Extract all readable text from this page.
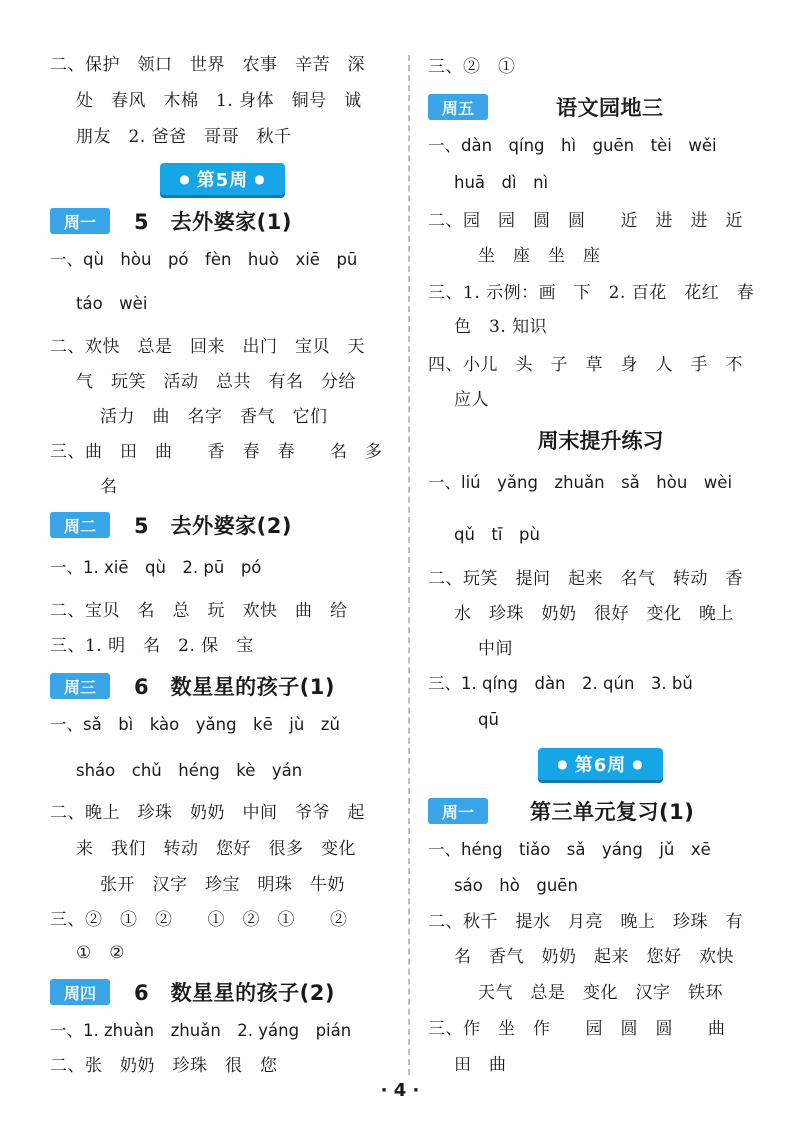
二、保护　领口　世界　农事　辛苦　深
处　春风　木棉　1. 身体　铜号　诚
朋友　2. 爸爸　哥哥　秋千
● 第5周 ●
周一	5　去外婆家(1)
一、qù　hòu　pó　fèn　huò　xiē　pū
táo　wèi
二、欢快　总是　回来　出门　宝贝　天
气　玩笑　活动　总共　有名　分给
活力　曲　名字　香气　它们
三、曲　田　曲　　香　春　春　　名　多
名
周二	5　去外婆家(2)
一、1. xiē　qù　2. pū　pó
二、宝贝　名　总　玩　欢快　曲　给
三、1. 明　名　2. 保　宝
周三	6　数星星的孩子(1)
一、sǎ　bì　kào　yǎng　kē　jù　zǔ
sháo　chǔ　héng　kè　yán
二、晚上　珍珠　奶奶　中间　爷爷　起
来　我们　转动　您好　很多　变化
张开　汉字　珍宝　明珠　牛奶
三、②　①　②　　①　②　①　　②
①　②
周四	6　数星星的孩子(2)
一、1. zhuàn　zhuǎn　2. yáng　pián
二、张　奶奶　珍珠　很　您
三、②　①
周五	语文园地三
一、dàn　qíng　hì　guēn　tèi　wěi
huā　dì　nì
二、园　园　圆　圆　　近　进　进　近
坐　座　坐　座
三、1. 示例：画　下　2. 百花　花红　春
色　3. 知识
四、小儿　头　子　草　身　人　手　不
应人
周末提升练习
一、liú　yǎng　zhuǎn　sǎ　hòu　wèi
qǔ　tī　pù
二、玩笑　提问　起来　名气　转动　香
水　珍珠　奶奶　很好　变化　晚上
中间
三、1. qíng　dàn　2. qún　3. bǔ
qū
● 第6周 ●
周一	第三单元复习(1)
一、héng　tiǎo　sǎ　yáng　jǔ　xē
sáo　hò　guēn
二、秋千　提水　月亮　晚上　珍珠　有
名　香气　奶奶　起来　您好　欢快
天气　总是　变化　汉字　铁环
三、作　坐　作　　园　圆　圆　　曲
田　曲
· 4 ·
